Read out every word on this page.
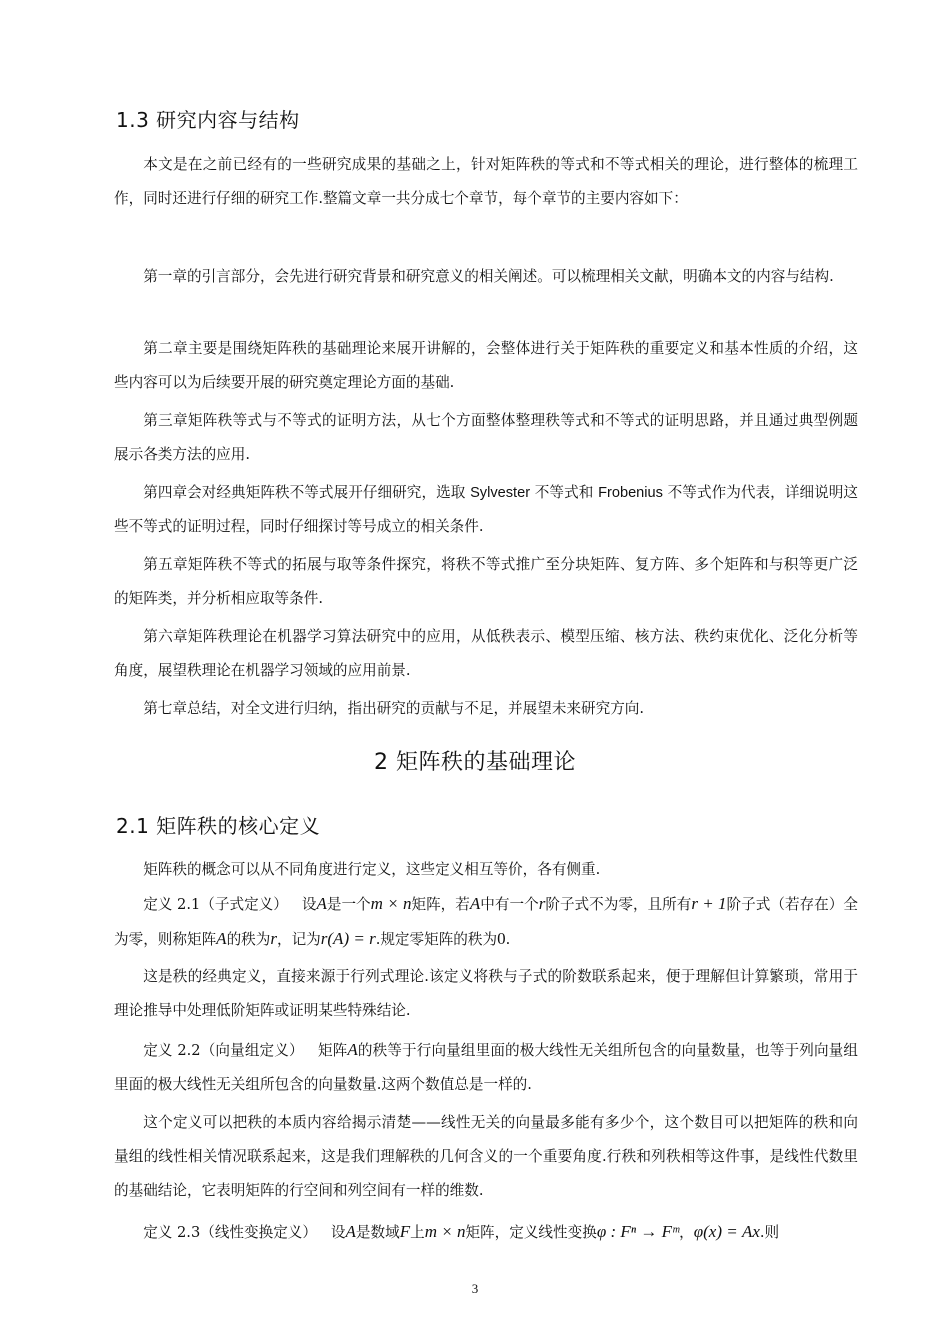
1.3 研究内容与结构
本文是在之前已经有的一些研究成果的基础之上，针对矩阵秩的等式和不等式相关的理论，进行整体的梳理工作，同时还进行仔细的研究工作.整篇文章一共分成七个章节，每个章节的主要内容如下：
第一章的引言部分，会先进行研究背景和研究意义的相关阐述。可以梳理相关文献，明确本文的内容与结构.
第二章主要是围绕矩阵秩的基础理论来展开讲解的，会整体进行关于矩阵秩的重要定义和基本性质的介绍，这些内容可以为后续要开展的研究奠定理论方面的基础.
第三章矩阵秩等式与不等式的证明方法，从七个方面整体整理秩等式和不等式的证明思路，并且通过典型例题展示各类方法的应用.
第四章会对经典矩阵秩不等式展开仔细研究，选取 Sylvester 不等式和 Frobenius 不等式作为代表，详细说明这些不等式的证明过程，同时仔细探讨等号成立的相关条件.
第五章矩阵秩不等式的拓展与取等条件探究，将秩不等式推广至分块矩阵、复方阵、多个矩阵和与积等更广泛的矩阵类，并分析相应取等条件.
第六章矩阵秩理论在机器学习算法研究中的应用，从低秩表示、模型压缩、核方法、秩约束优化、泛化分析等角度，展望秩理论在机器学习领域的应用前景.
第七章总结，对全文进行归纳，指出研究的贡献与不足，并展望未来研究方向.
2 矩阵秩的基础理论
2.1 矩阵秩的核心定义
矩阵秩的概念可以从不同角度进行定义，这些定义相互等价，各有侧重.
定义 2.1（子式定义） 设A是一个m × n矩阵，若A中有一个r阶子式不为零，且所有r + 1阶子式（若存在）全为零，则称矩阵A的秩为r，记为r(A) = r.规定零矩阵的秩为0.
这是秩的经典定义，直接来源于行列式理论.该定义将秩与子式的阶数联系起来，便于理解但计算繁琐，常用于理论推导中处理低阶矩阵或证明某些特殊结论.
定义 2.2（向量组定义） 矩阵A的秩等于行向量组里面的极大线性无关组所包含的向量数量，也等于列向量组里面的极大线性无关组所包含的向量数量.这两个数值总是一样的.
这个定义可以把秩的本质内容给揭示清楚——线性无关的向量最多能有多少个，这个数目可以把矩阵的秩和向量组的线性相关情况联系起来，这是我们理解秩的几何含义的一个重要角度.行秩和列秩相等这件事，是线性代数里的基础结论，它表明矩阵的行空间和列空间有一样的维数.
定义 2.3（线性变换定义） 设A是数域F上m × n矩阵，定义线性变换φ : Fⁿ → Fᵐ，φ(x) = Ax.则
3
